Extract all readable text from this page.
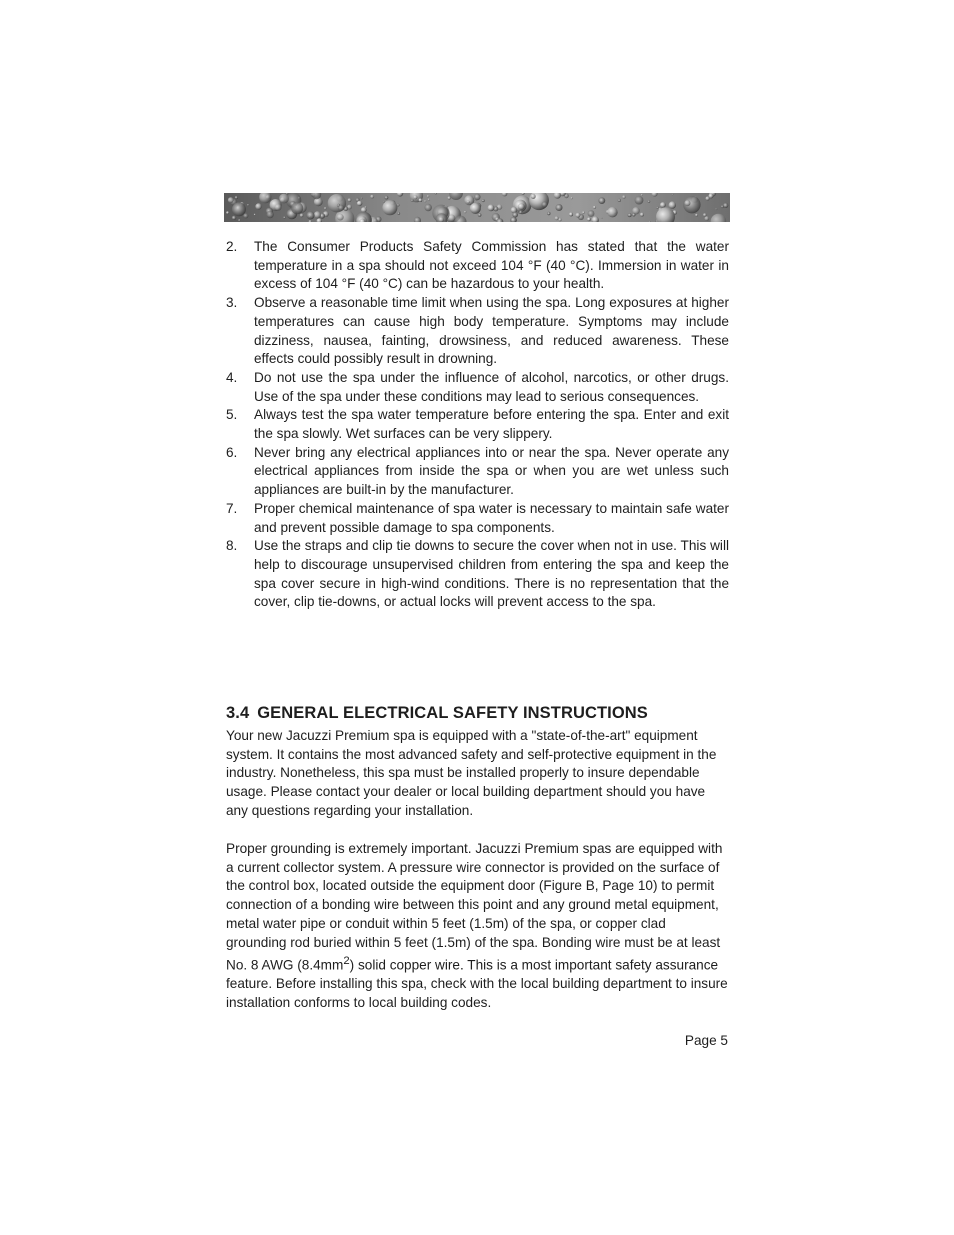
2. The Consumer Products Safety Commission has stated that the water temperature in a spa should not exceed 104 °F (40 °C). Immersion in water in excess of 104 °F (40 °C) can be hazardous to your health.
3. Observe a reasonable time limit when using the spa. Long exposures at higher temperatures can cause high body temperature. Symptoms may include dizziness, nausea, fainting, drowsiness, and reduced awareness. These effects could possibly result in drowning.
4. Do not use the spa under the influence of alcohol, narcotics, or other drugs. Use of the spa under these conditions may lead to serious consequences.
5. Always test the spa water temperature before entering the spa. Enter and exit the spa slowly. Wet surfaces can be very slippery.
6. Never bring any electrical appliances into or near the spa. Never operate any electrical appliances from inside the spa or when you are wet unless such appliances are built-in by the manufacturer.
7. Proper chemical maintenance of spa water is necessary to maintain safe water and prevent possible damage to spa components.
8. Use the straps and clip tie downs to secure the cover when not in use. This will help to discourage unsupervised children from entering the spa and keep the spa cover secure in high-wind conditions. There is no representation that the cover, clip tie-downs, or actual locks will prevent access to the spa.
3.4 GENERAL ELECTRICAL SAFETY INSTRUCTIONS

Your new Jacuzzi Premium spa is equipped with a "state-of-the-art" equipment system. It contains the most advanced safety and self-protective equipment in the industry. Nonetheless, this spa must be installed properly to insure dependable usage. Please contact your dealer or local building department should you have any questions regarding your installation.

Proper grounding is extremely important. Jacuzzi Premium spas are equipped with a current collector system. A pressure wire connector is provided on the surface of the control box, located outside the equipment door (Figure B, Page 10) to permit connection of a bonding wire between this point and any ground metal equipment, metal water pipe or conduit within 5 feet (1.5m) of the spa, or copper clad grounding rod buried within 5 feet (1.5m) of the spa. Bonding wire must be at least No. 8 AWG $(8.4mm^2)$ solid copper wire. This is a most important safety assurance feature. Before installing this spa, check with the local building department to insure installation conforms to local building codes.

Page 5
